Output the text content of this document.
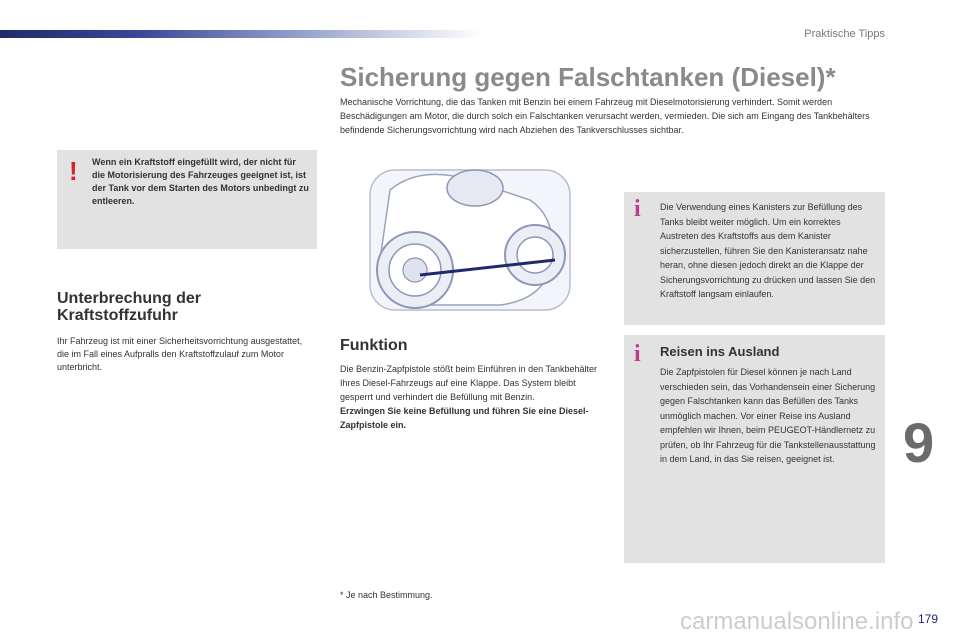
Praktische Tipps
! Wenn ein Kraftstoff eingefüllt wird, der nicht für die Motorisierung des Fahrzeuges geeignet ist, ist der Tank vor dem Starten des Motors unbedingt zu entleeren.

Unterbrechung der Kraftstoffzufuhr

Ihr Fahrzeug ist mit einer Sicherheitsvorrichtung ausgestattet, die im Fall eines Aufpralls den Kraftstoffzulauf zum Motor unterbricht.

Sicherung gegen Falschtanken (Diesel)*

Mechanische Vorrichtung, die das Tanken mit Benzin bei einem Fahrzeug mit Dieselmotorisierung verhindert. Somit werden Beschädigungen am Motor, die durch solch ein Falschtanken verursacht werden, vermieden. Die sich am Eingang des Tankbehälters befindende Sicherungsvorrichtung wird nach Abziehen des Tankverschlusses sichtbar.

Funktion

Die Benzin-Zapfpistole stößt beim Einführen in den Tankbehälter Ihres Diesel-Fahrzeugs auf eine Klappe. Das System bleibt gesperrt und verhindert die Befüllung mit Benzin.
Erzwingen Sie keine Befüllung und führen Sie eine Diesel-Zapfpistole ein.

i Die Verwendung eines Kanisters zur Befüllung des Tanks bleibt weiter möglich. Um ein korrektes Austreten des Kraftstoffs aus dem Kanister sicherzustellen, führen Sie den Kanisteransatz nahe heran, ohne diesen jedoch direkt an die Klappe der Sicherungsvorrichtung zu drücken und lassen Sie den Kraftstoff langsam einlaufen.

i Reisen ins Ausland

Die Zapfpistolen für Diesel können je nach Land verschieden sein, das Vorhandensein einer Sicherung gegen Falschtanken kann das Befüllen des Tanks unmöglich machen. Vor einer Reise ins Ausland empfehlen wir Ihnen, beim PEUGEOT-Händlernetz zu prüfen, ob Ihr Fahrzeug für die Tankstellenausstattung in dem Land, in das Sie reisen, geeignet ist.	9

* Je nach Bestimmung.

carmanualsonline.info 179
